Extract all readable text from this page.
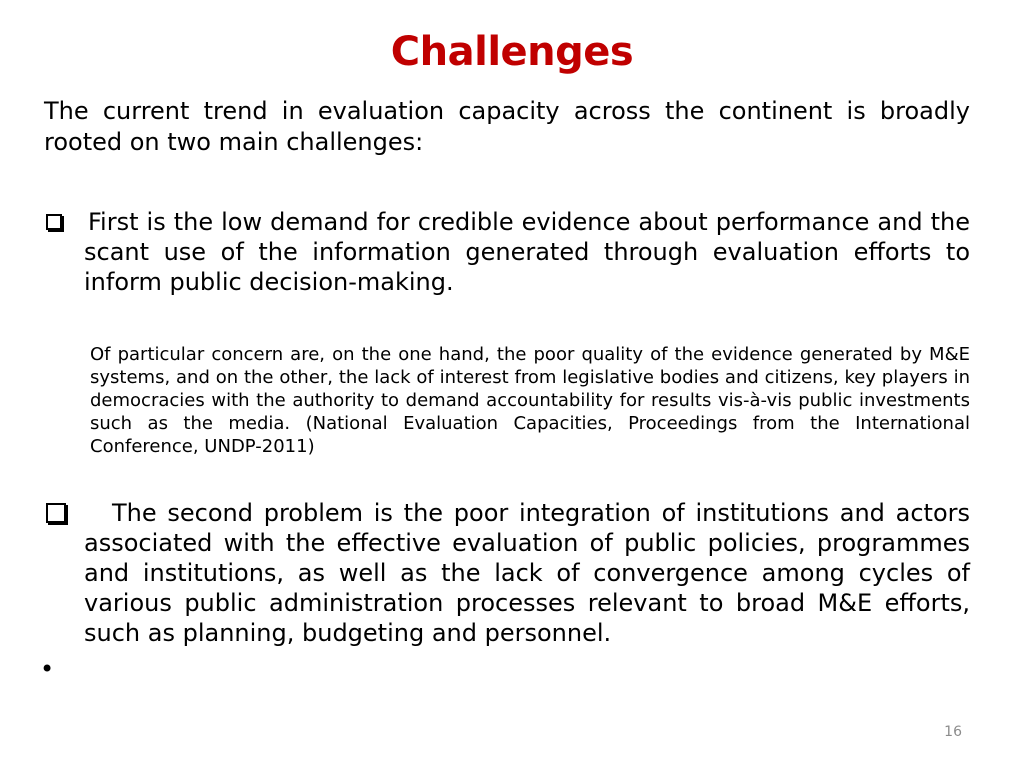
Challenges
The current trend in evaluation capacity across the continent is broadly rooted on two main challenges:
First is the low demand for credible evidence about performance and the scant use of the information generated through evaluation efforts to inform public decision-making.
Of particular concern are, on the one hand, the poor quality of the evidence generated by M&E systems, and on the other, the lack of interest from legislative bodies and citizens, key players in democracies with the authority to demand accountability for results vis-à-vis public investments such as the media. (National Evaluation Capacities, Proceedings from the International Conference, UNDP-2011)
The second problem is the poor integration of institutions and actors associated with the effective evaluation of public policies, programmes and institutions, as well as the lack of convergence among cycles of various public administration processes relevant to broad M&E efforts, such as planning, budgeting and personnel.
•
16
